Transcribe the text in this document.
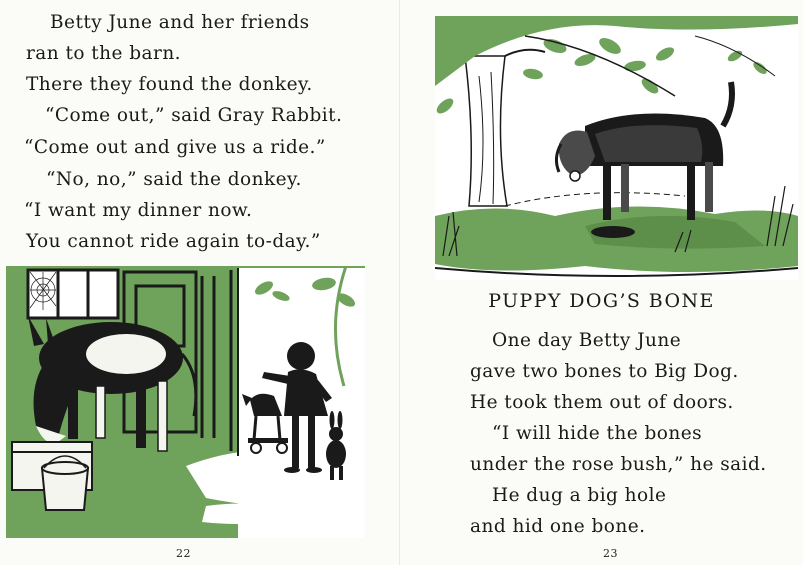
Betty June and her friends
ran to the barn.
There they found the donkey.
“Come out,” said Gray Rabbit.
“Come out and give us a ride.”
“No, no,” said the donkey.
“I want my dinner now.
You cannot ride again to-day.”
22
PUPPY DOG’S BONE
One day Betty June
gave two bones to Big Dog.
He took them out of doors.
“I will hide the bones
under the rose bush,” he said.
He dug a big hole
and hid one bone.
23
